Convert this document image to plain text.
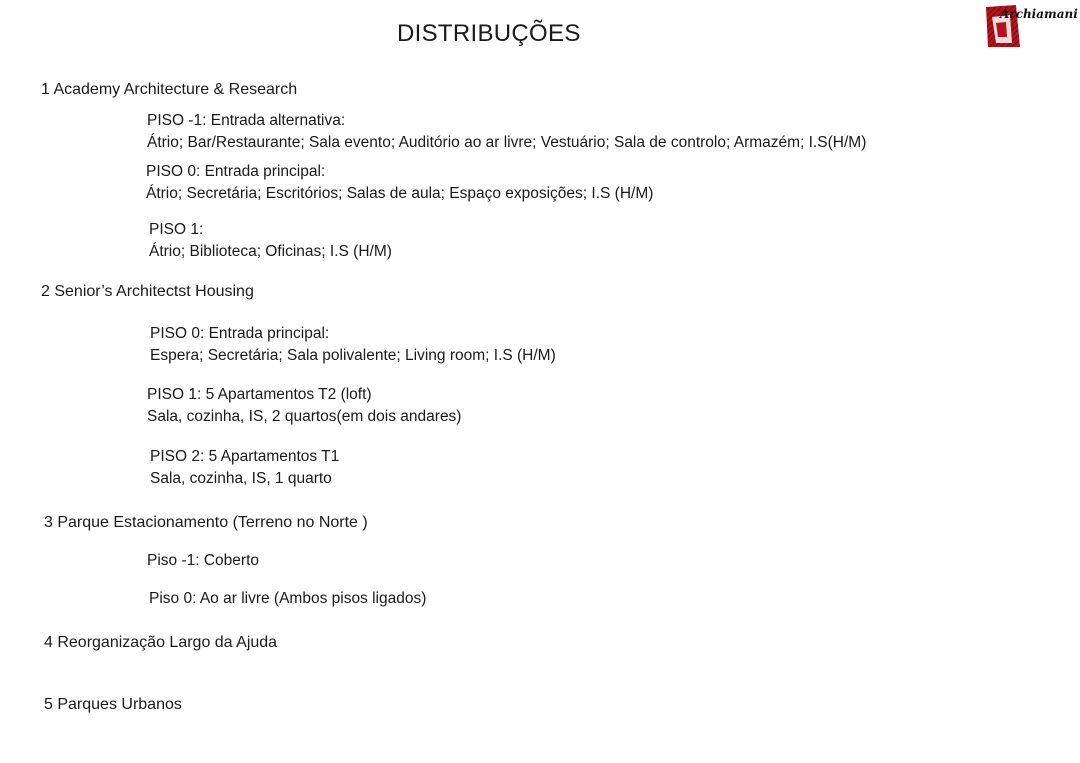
DISTRIBUÇÕES
Archiamani
1 Academy Architecture & Research
PISO -1: Entrada alternativa:
Átrio; Bar/Restaurante; Sala evento; Auditório ao ar livre; Vestuário; Sala de controlo; Armazém; I.S(H/M)
PISO 0: Entrada principal:
Átrio; Secretária; Escritórios; Salas de aula; Espaço exposições; I.S (H/M)
PISO 1:
Átrio; Biblioteca; Oficinas; I.S (H/M)
2 Senior’s Architectst Housing
PISO 0: Entrada principal:
Espera; Secretária; Sala polivalente; Living room; I.S (H/M)
PISO 1: 5 Apartamentos T2 (loft)
Sala, cozinha, IS, 2 quartos(em dois andares)
PISO 2: 5 Apartamentos T1
Sala, cozinha, IS, 1 quarto
3 Parque Estacionamento (Terreno no Norte )
Piso -1: Coberto
Piso 0: Ao ar livre (Ambos pisos ligados)
4 Reorganização Largo da Ajuda
5 Parques Urbanos
